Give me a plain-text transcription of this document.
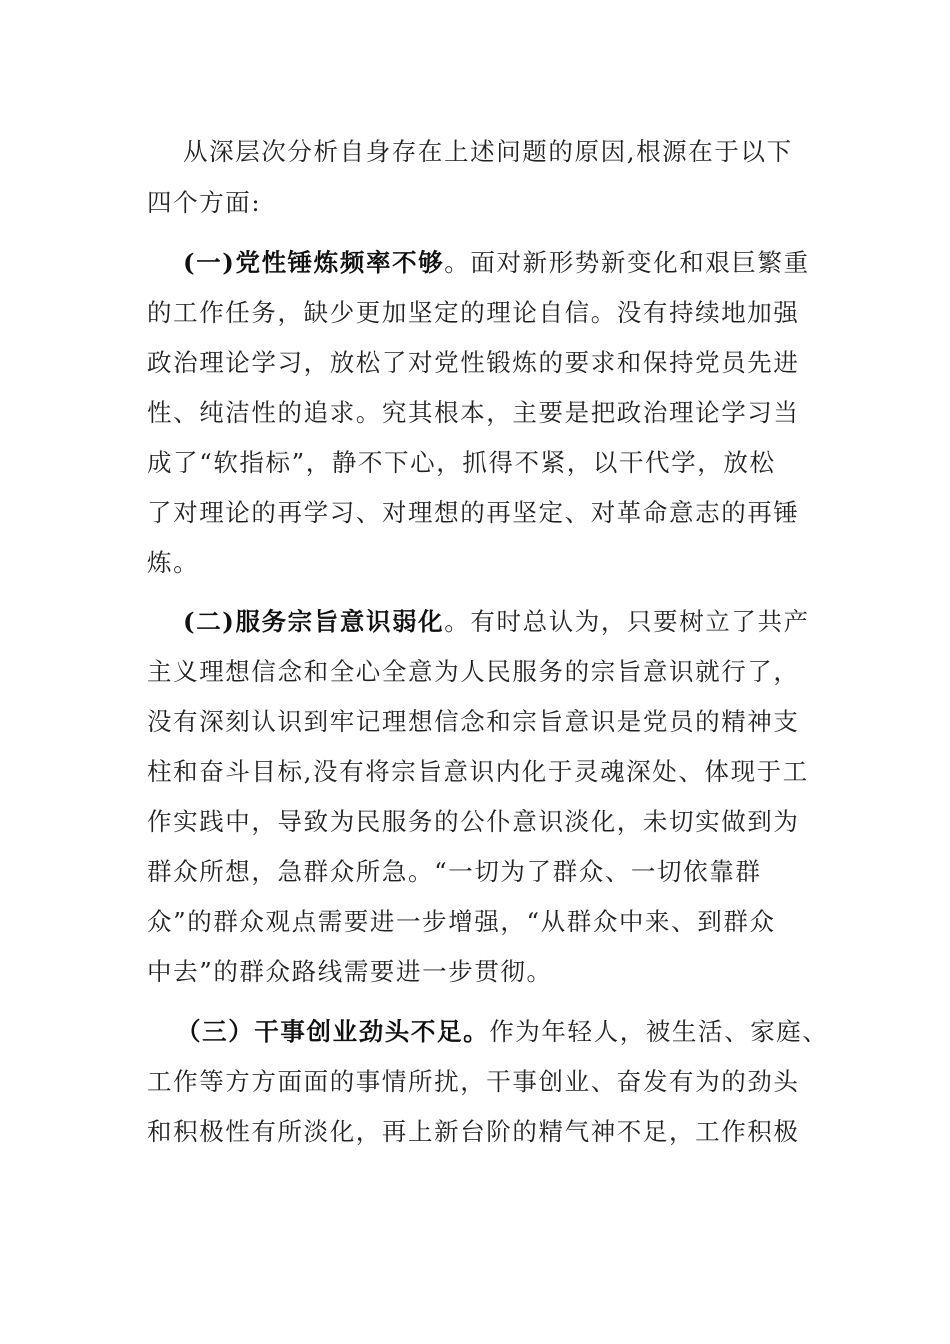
从深层次分析自身存在上述问题的原因,根源在于以下
四个方面:
(一)党性锤炼频率不够。面对新形势新变化和艰巨繁重
的工作任务，缺少更加坚定的理论自信。没有持续地加强
政治理论学习，放松了对党性锻炼的要求和保持党员先进
性、纯洁性的追求。究其根本，主要是把政治理论学习当
成了“软指标”，静不下心，抓得不紧，以干代学，放松
了对理论的再学习、对理想的再坚定、对革命意志的再锤
炼。
(二)服务宗旨意识弱化。有时总认为，只要树立了共产
主义理想信念和全心全意为人民服务的宗旨意识就行了，
没有深刻认识到牢记理想信念和宗旨意识是党员的精神支
柱和奋斗目标,没有将宗旨意识内化于灵魂深处、体现于工
作实践中，导致为民服务的公仆意识淡化，未切实做到为
群众所想，急群众所急。“一切为了群众、一切依靠群
众”的群众观点需要进一步增强，“从群众中来、到群众
中去”的群众路线需要进一步贯彻。
（三）干事创业劲头不足。作为年轻人，被生活、家庭、
工作等方方面面的事情所扰，干事创业、奋发有为的劲头
和积极性有所淡化，再上新台阶的精气神不足，工作积极
